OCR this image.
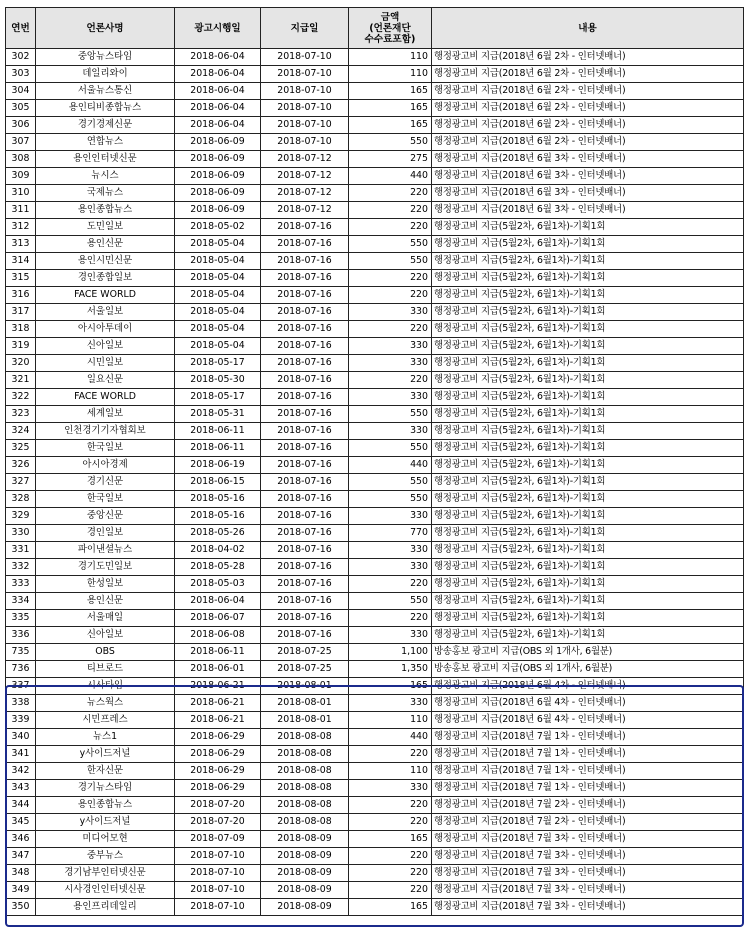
연번	언론사명	광고시행일	지급일	금액
(언론재단
수수료포함)	내용
302	중앙뉴스타임	2018-06-04	2018-07-10	110	행정광고비 지급(2018년 6월 2차 - 인터넷배너)
303	데일리와이	2018-06-04	2018-07-10	110	행정광고비 지급(2018년 6월 2차 - 인터넷배너)
304	서울뉴스통신	2018-06-04	2018-07-10	165	행정광고비 지급(2018년 6월 2차 - 인터넷배너)
305	용인티비종합뉴스	2018-06-04	2018-07-10	165	행정광고비 지급(2018년 6월 2차 - 인터넷배너)
306	경기경제신문	2018-06-04	2018-07-10	165	행정광고비 지급(2018년 6월 2차 - 인터넷배너)
307	연합뉴스	2018-06-09	2018-07-10	550	행정광고비 지급(2018년 6월 2차 - 인터넷배너)
308	용인인터넷신문	2018-06-09	2018-07-12	275	행정광고비 지급(2018년 6월 3차 - 인터넷배너)
309	뉴시스	2018-06-09	2018-07-12	440	행정광고비 지급(2018년 6월 3차 - 인터넷배너)
310	국제뉴스	2018-06-09	2018-07-12	220	행정광고비 지급(2018년 6월 3차 - 인터넷배너)
311	용인종합뉴스	2018-06-09	2018-07-12	220	행정광고비 지급(2018년 6월 3차 - 인터넷배너)
312	도민일보	2018-05-02	2018-07-16	220	행정광고비 지급(5월2차, 6월1차)-기획1회
313	용인신문	2018-05-04	2018-07-16	550	행정광고비 지급(5월2차, 6월1차)-기획1회
314	용인시민신문	2018-05-04	2018-07-16	550	행정광고비 지급(5월2차, 6월1차)-기획1회
315	경인종합일보	2018-05-04	2018-07-16	220	행정광고비 지급(5월2차, 6월1차)-기획1회
316	FACE WORLD	2018-05-04	2018-07-16	220	행정광고비 지급(5월2차, 6월1차)-기획1회
317	서울일보	2018-05-04	2018-07-16	330	행정광고비 지급(5월2차, 6월1차)-기획1회
318	아시아투데이	2018-05-04	2018-07-16	220	행정광고비 지급(5월2차, 6월1차)-기획1회
319	신아일보	2018-05-04	2018-07-16	330	행정광고비 지급(5월2차, 6월1차)-기획1회
320	시민일보	2018-05-17	2018-07-16	330	행정광고비 지급(5월2차, 6월1차)-기획1회
321	일요신문	2018-05-30	2018-07-16	220	행정광고비 지급(5월2차, 6월1차)-기획1회
322	FACE WORLD	2018-05-17	2018-07-16	330	행정광고비 지급(5월2차, 6월1차)-기획1회
323	세계일보	2018-05-31	2018-07-16	550	행정광고비 지급(5월2차, 6월1차)-기획1회
324	인천경기기자협회보	2018-06-11	2018-07-16	330	행정광고비 지급(5월2차, 6월1차)-기획1회
325	한국일보	2018-06-11	2018-07-16	550	행정광고비 지급(5월2차, 6월1차)-기획1회
326	아시아경제	2018-06-19	2018-07-16	440	행정광고비 지급(5월2차, 6월1차)-기획1회
327	경기신문	2018-06-15	2018-07-16	550	행정광고비 지급(5월2차, 6월1차)-기획1회
328	한국일보	2018-05-16	2018-07-16	550	행정광고비 지급(5월2차, 6월1차)-기획1회
329	중앙신문	2018-05-16	2018-07-16	330	행정광고비 지급(5월2차, 6월1차)-기획1회
330	경인일보	2018-05-26	2018-07-16	770	행정광고비 지급(5월2차, 6월1차)-기획1회
331	파이낸셜뉴스	2018-04-02	2018-07-16	330	행정광고비 지급(5월2차, 6월1차)-기획1회
332	경기도민일보	2018-05-28	2018-07-16	330	행정광고비 지급(5월2차, 6월1차)-기획1회
333	한성일보	2018-05-03	2018-07-16	220	행정광고비 지급(5월2차, 6월1차)-기획1회
334	용인신문	2018-06-04	2018-07-16	550	행정광고비 지급(5월2차, 6월1차)-기획1회
335	서울매일	2018-06-07	2018-07-16	220	행정광고비 지급(5월2차, 6월1차)-기획1회
336	신아일보	2018-06-08	2018-07-16	330	행정광고비 지급(5월2차, 6월1차)-기획1회
735	OBS	2018-06-11	2018-07-25	1,100	방송홍보 광고비 지급(OBS 외 1개사, 6월분)
736	티브로드	2018-06-01	2018-07-25	1,350	방송홍보 광고비 지급(OBS 외 1개사, 6월분)
337	시사타임	2018-06-21	2018-08-01	165	행정광고비 지급(2018년 6월 4차 - 인터넷배너)
338	뉴스웍스	2018-06-21	2018-08-01	330	행정광고비 지급(2018년 6월 4차 - 인터넷배너)
339	시민프레스	2018-06-21	2018-08-01	110	행정광고비 지급(2018년 6월 4차 - 인터넷배너)
340	뉴스1	2018-06-29	2018-08-08	440	행정광고비 지급(2018년 7월 1차 - 인터넷배너)
341	y사이드저널	2018-06-29	2018-08-08	220	행정광고비 지급(2018년 7월 1차 - 인터넷배너)
342	한자신문	2018-06-29	2018-08-08	110	행정광고비 지급(2018년 7월 1차 - 인터넷배너)
343	경기뉴스타임	2018-06-29	2018-08-08	330	행정광고비 지급(2018년 7월 1차 - 인터넷배너)
344	용인종합뉴스	2018-07-20	2018-08-08	220	행정광고비 지급(2018년 7월 2차 - 인터넷배너)
345	y사이드저널	2018-07-20	2018-08-08	220	행정광고비 지급(2018년 7월 2차 - 인터넷배너)
346	미디어모현	2018-07-09	2018-08-09	165	행정광고비 지급(2018년 7월 3차 - 인터넷배너)
347	중부뉴스	2018-07-10	2018-08-09	220	행정광고비 지급(2018년 7월 3차 - 인터넷배너)
348	경기남부인터넷신문	2018-07-10	2018-08-09	220	행정광고비 지급(2018년 7월 3차 - 인터넷배너)
349	시사경인인터넷신문	2018-07-10	2018-08-09	220	행정광고비 지급(2018년 7월 3차 - 인터넷배너)
350	용인프리데일리	2018-07-10	2018-08-09	165	행정광고비 지급(2018년 7월 3차 - 인터넷배너)
